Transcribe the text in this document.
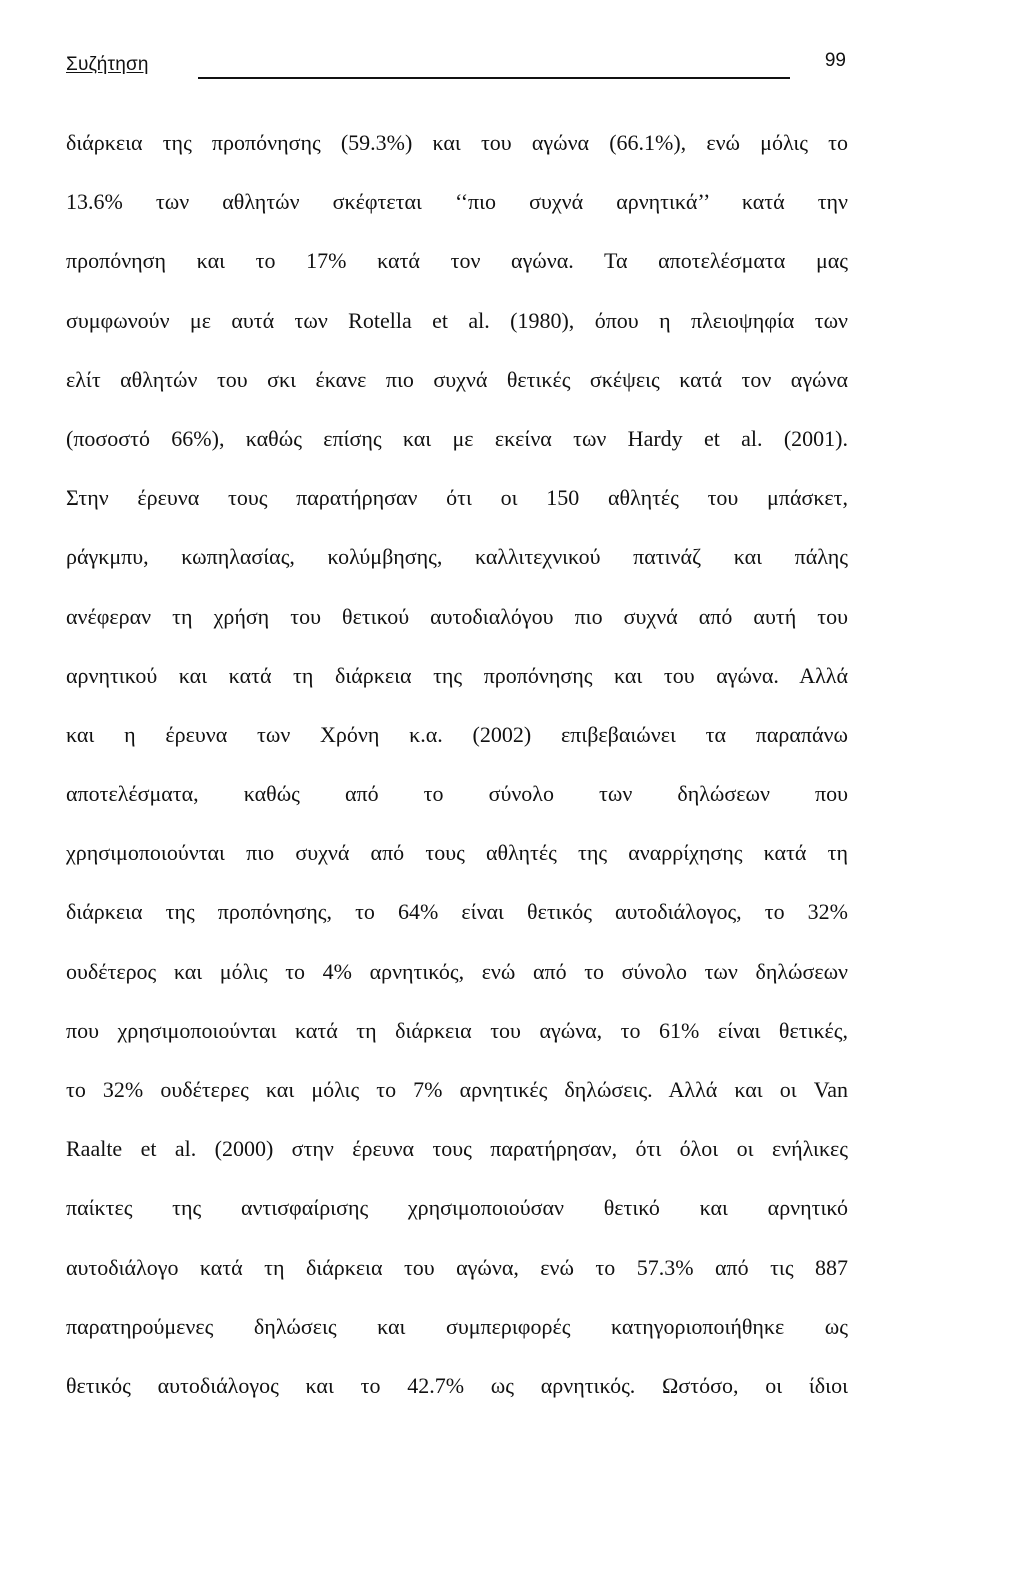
Συζήτηση	99

διάρκεια της προπόνησης (59.3%) και του αγώνα (66.1%), ενώ μόλις το
13.6% των αθλητών σκέφτεται ‘‘πιο συχνά αρνητικά’’ κατά την
προπόνηση και το 17% κατά τον αγώνα. Τα αποτελέσματα μας
συμφωνούν με αυτά των Rotella et al. (1980), όπου η πλειοψηφία των
ελίτ αθλητών του σκι έκανε πιο συχνά θετικές σκέψεις κατά τον αγώνα
(ποσοστό 66%), καθώς επίσης και με εκείνα των Hardy et al. (2001).
Στην έρευνα τους παρατήρησαν ότι οι 150 αθλητές του μπάσκετ,
ράγκμπυ, κωπηλασίας, κολύμβησης, καλλιτεχνικού πατινάζ και πάλης
ανέφεραν τη χρήση του θετικού αυτοδιαλόγου πιο συχνά από αυτή του
αρνητικού και κατά τη διάρκεια της προπόνησης και του αγώνα. Αλλά
και η έρευνα των Χρόνη κ.α. (2002) επιβεβαιώνει τα παραπάνω
αποτελέσματα, καθώς από το σύνολο των δηλώσεων που
χρησιμοποιούνται πιο συχνά από τους αθλητές της αναρρίχησης κατά τη
διάρκεια της προπόνησης, το 64% είναι θετικός αυτοδιάλογος, το 32%
ουδέτερος και μόλις το 4% αρνητικός, ενώ από το σύνολο των δηλώσεων
που χρησιμοποιούνται κατά τη διάρκεια του αγώνα, το 61% είναι θετικές,
το 32% ουδέτερες και μόλις το 7% αρνητικές δηλώσεις. Αλλά και οι Van
Raalte et al. (2000) στην έρευνα τους παρατήρησαν, ότι όλοι οι ενήλικες
παίκτες της αντισφαίρισης χρησιμοποιούσαν θετικό και αρνητικό
αυτοδιάλογο κατά τη διάρκεια του αγώνα, ενώ το 57.3% από τις 887
παρατηρούμενες δηλώσεις και συμπεριφορές κατηγοριοποιήθηκε ως
θετικός αυτοδιάλογος και το 42.7% ως αρνητικός. Ωστόσο, οι ίδιοι
